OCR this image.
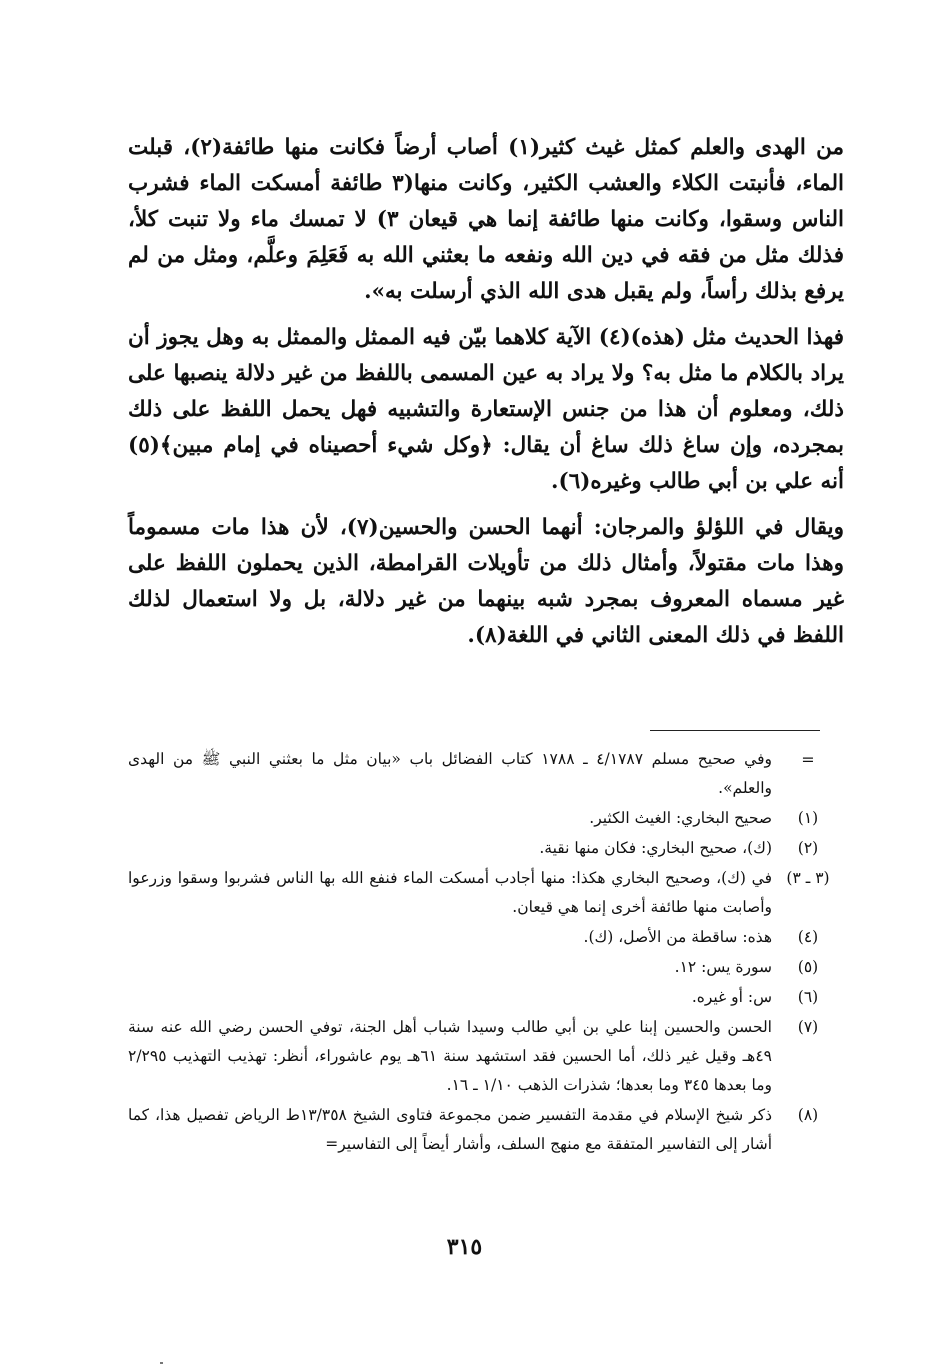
من الهدى والعلم كمثل غيث كثير(١) أصاب أرضاً فكانت منها طائفة(٢)، قبلت الماء، فأنبتت الكلاء والعشب الكثير، وكانت منها(٣ طائفة أمسكت الماء فشرب الناس وسقوا، وكانت منها طائفة إنما هي قيعان ٣) لا تمسك ماء ولا تنبت كلأ، فذلك مثل من فقه في دين الله ونفعه ما بعثني الله به فَعَلِمَ وعلَّم، ومثل من لم يرفع بذلك رأساً، ولم يقبل هدى الله الذي أرسلت به».

فهذا الحديث مثل (هذه)(٤) الآية كلاهما بيّن فيه الممثل والممثل به وهل يجوز أن يراد بالكلام ما مثل به؟ ولا يراد به عين المسمى باللفظ من غير دلالة ينصبها على ذلك، ومعلوم أن هذا من جنس الإستعارة والتشبيه فهل يحمل اللفظ على ذلك بمجرده، وإن ساغ ذلك ساغ أن يقال: ﴿وكل شيء أحصيناه في إمام مبين﴾(٥) أنه علي بن أبي طالب وغيره(٦).

ويقال في اللؤلؤ والمرجان: أنهما الحسن والحسين(٧)، لأن هذا مات مسموماً وهذا مات مقتولاً، وأمثال ذلك من تأويلات القرامطة، الذين يحملون اللفظ على غير مسماه المعروف بمجرد شبه بينهما من غير دلالة، بل ولا استعمال لذلك اللفظ في ذلك المعنى الثاني في اللغة(٨).

=
وفي صحيح مسلم ٤/١٧٨٧ ـ ١٧٨٨ كتاب الفضائل باب «بيان مثل ما بعثني النبي ﷺ من الهدى والعلم».
(١)
صحيح البخاري: الغيث الكثير.
(٢)
(ك)، صحيح البخاري: فكان منها نقية.
(٣ ـ ٣)
في (ك)، وصحيح البخاري هكذا: منها أجادب أمسكت الماء فنفع الله بها الناس فشربوا وسقوا وزرعوا وأصابت منها طائفة أخرى إنما هي قيعان.
(٤)
هذه: ساقطة من الأصل، (ك).
(٥)
سورة يس: ١٢.
(٦)
س: أو غيره.
(٧)
الحسن والحسين إبنا علي بن أبي طالب وسيدا شباب أهل الجنة، توفي الحسن رضي الله عنه سنة ٤٩هـ وقيل غير ذلك، أما الحسين فقد استشهد سنة ٦١هـ يوم عاشوراء، أنظر: تهذيب التهذيب ٢/٢٩٥ وما بعدها ٣٤٥ وما بعدها؛ شذرات الذهب ١/١٠ ـ ١٦.
(٨)
ذكر شيخ الإسلام في مقدمة التفسير ضمن مجموعة فتاوى الشيخ ١٣/٣٥٨ط الرياض تفصيل هذا، كما أشار إلى التفاسير المتفقة مع منهج السلف، وأشار أيضاً إلى التفاسير=
٣١٥
